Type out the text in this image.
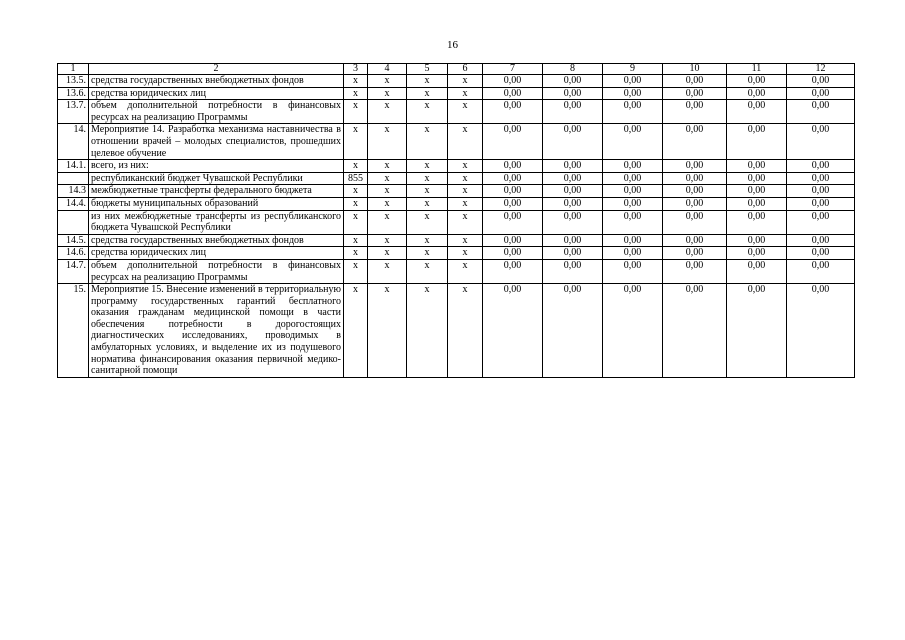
16
1	2	3	4	5	6	7	8	9	10	11	12
13.5.	средства государственных внебюджетных фондов	х	х	х	х	0,00	0,00	0,00	0,00	0,00	0,00
13.6.	средства юридических лиц	х	х	х	х	0,00	0,00	0,00	0,00	0,00	0,00
13.7.	объем дополнительной потребности в финансовых ресурсах на реализацию Программы	х	х	х	х	0,00	0,00	0,00	0,00	0,00	0,00
14.	Мероприятие 14. Разработка механизма наставничества в отношении врачей – молодых специалистов, прошедших целевое обучение	х	х	х	х	0,00	0,00	0,00	0,00	0,00	0,00
14.1.	всего, из них:	х	х	х	х	0,00	0,00	0,00	0,00	0,00	0,00
	республиканский бюджет Чувашской Республики	855	х	х	х	0,00	0,00	0,00	0,00	0,00	0,00
14.3	межбюджетные трансферты федерального бюджета	х	х	х	х	0,00	0,00	0,00	0,00	0,00	0,00
14.4.	бюджеты муниципальных образований	х	х	х	х	0,00	0,00	0,00	0,00	0,00	0,00
	из них межбюджетные трансферты из республиканского бюджета Чувашской Республики	х	х	х	х	0,00	0,00	0,00	0,00	0,00	0,00
14.5.	средства государственных внебюджетных фондов	х	х	х	х	0,00	0,00	0,00	0,00	0,00	0,00
14.6.	средства юридических лиц	х	х	х	х	0,00	0,00	0,00	0,00	0,00	0,00
14.7.	объем дополнительной потребности в финансовых ресурсах на реализацию Программы	х	х	х	х	0,00	0,00	0,00	0,00	0,00	0,00
15.	Мероприятие 15. Внесение изменений в территориальную программу государственных гарантий бесплатного оказания гражданам медицинской помощи в части обеспечения потребности в дорогостоящих диагностических исследованиях, проводимых в амбулаторных условиях, и выделение их из подушевого норматива финансирования оказания первичной медико-санитарной помощи	х	х	х	х	0,00	0,00	0,00	0,00	0,00	0,00
